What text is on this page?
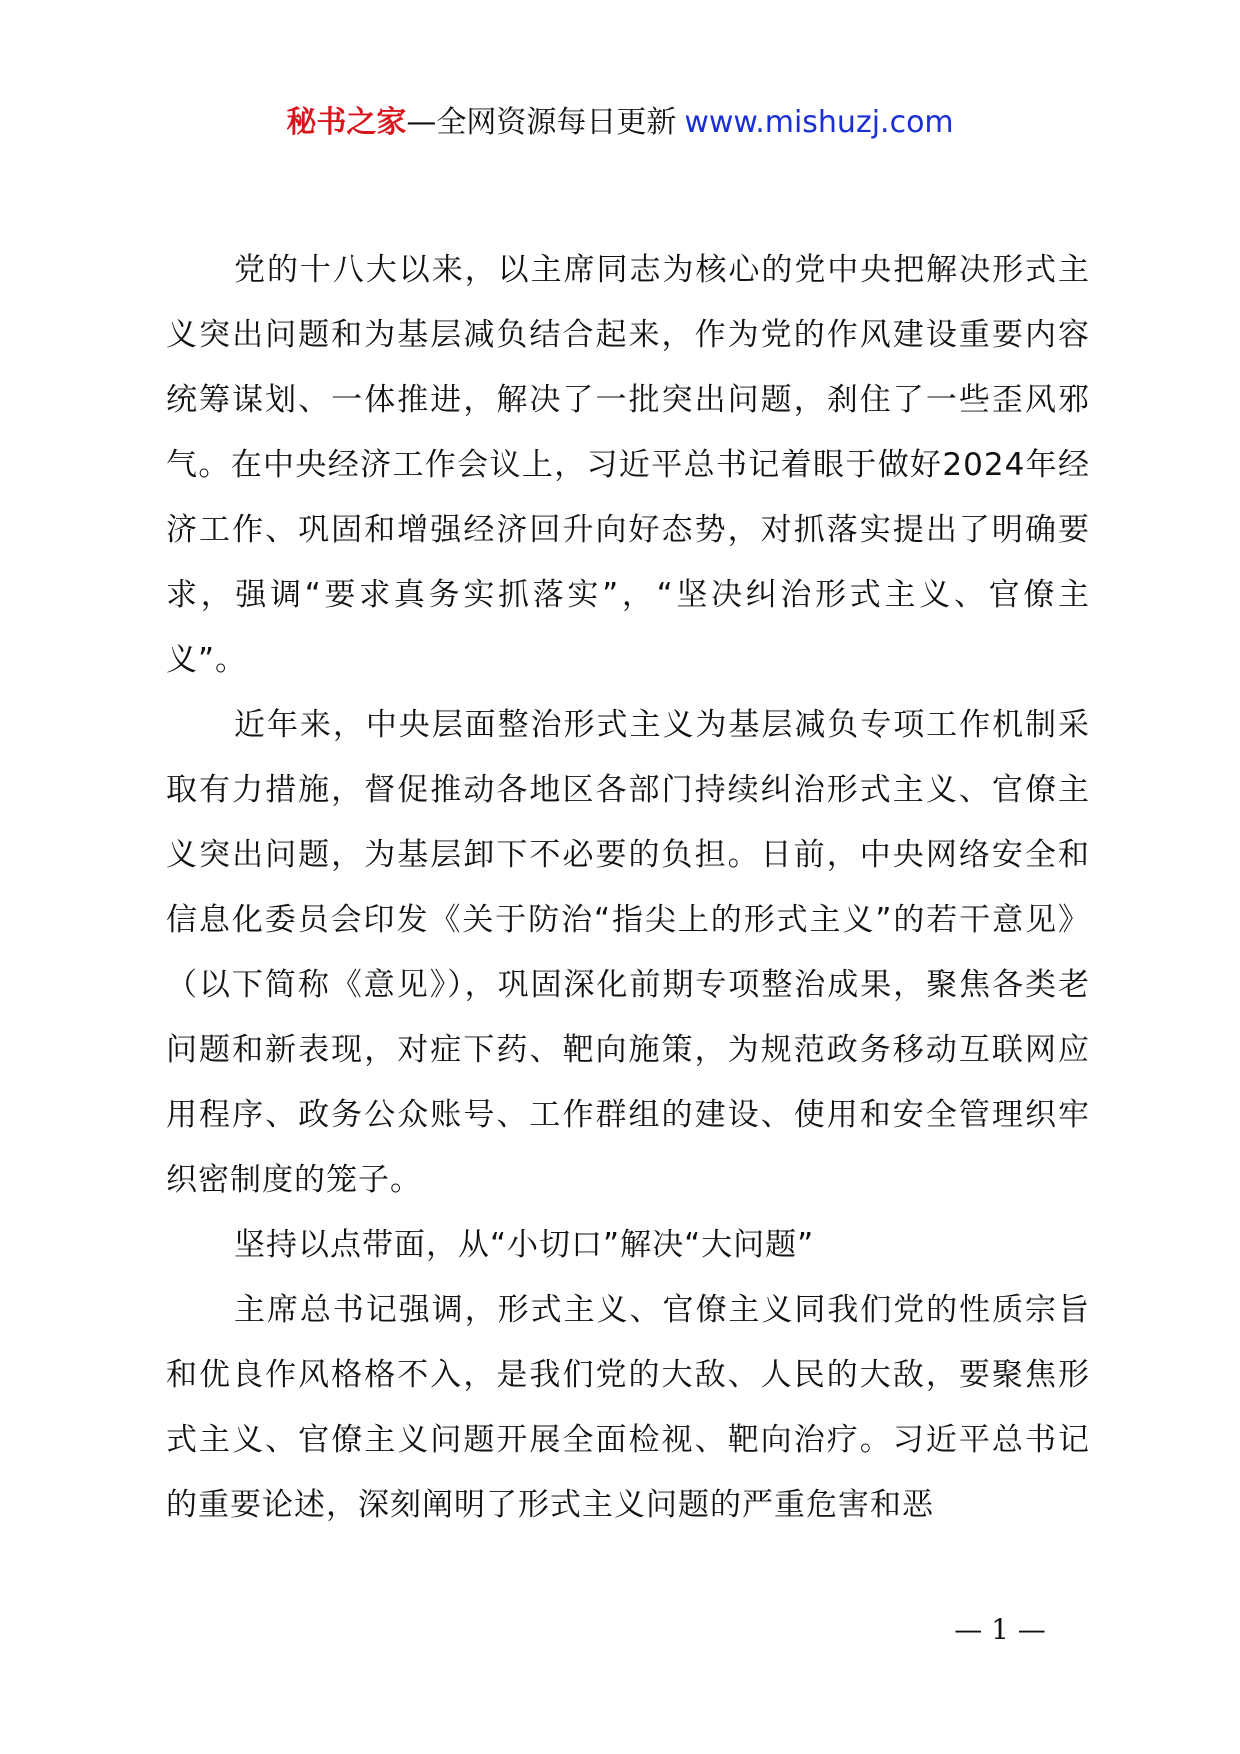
秘书之家—全网资源每日更新 www.mishuzj.com

党的十八大以来，以主席同志为核心的党中央把解决形式主义突出问题和为基层减负结合起来，作为党的作风建设重要内容统筹谋划、一体推进，解决了一批突出问题，刹住了一些歪风邪气。在中央经济工作会议上，习近平总书记着眼于做好2024年经济工作、巩固和增强经济回升向好态势，对抓落实提出了明确要求，强调“要求真务实抓落实”，“坚决纠治形式主义、官僚主义”。

近年来，中央层面整治形式主义为基层减负专项工作机制采取有力措施，督促推动各地区各部门持续纠治形式主义、官僚主义突出问题，为基层卸下不必要的负担。日前，中央网络安全和信息化委员会印发《关于防治“指尖上的形式主义”的若干意见》（以下简称《意见》），巩固深化前期专项整治成果，聚焦各类老问题和新表现，对症下药、靶向施策，为规范政务移动互联网应用程序、政务公众账号、工作群组的建设、使用和安全管理织牢织密制度的笼子。

坚持以点带面，从“小切口”解决“大问题”

主席总书记强调，形式主义、官僚主义同我们党的性质宗旨和优良作风格格不入，是我们党的大敌、人民的大敌，要聚焦形式主义、官僚主义问题开展全面检视、靶向治疗。习近平总书记的重要论述，深刻阐明了形式主义问题的严重危害和恶

— 1 —
